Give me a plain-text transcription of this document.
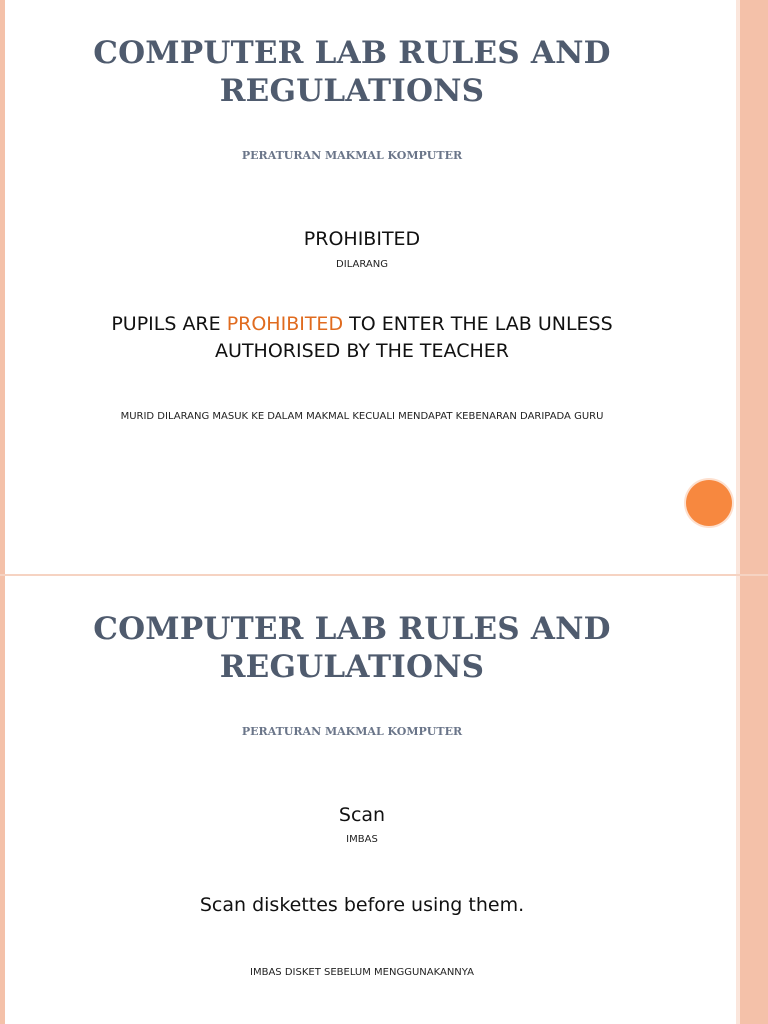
COMPUTER LAB RULES AND
REGULATIONS
PERATURAN MAKMAL KOMPUTER
PROHIBITED
DILARANG
PUPILS ARE PROHIBITED TO ENTER THE LAB UNLESS
AUTHORISED BY THE TEACHER
MURID DILARANG MASUK KE DALAM MAKMAL KECUALI MENDAPAT KEBENARAN DARIPADA GURU
COMPUTER LAB RULES AND
REGULATIONS
PERATURAN MAKMAL KOMPUTER
Scan
IMBAS
Scan diskettes before using them.
IMBAS DISKET SEBELUM MENGGUNAKANNYA
